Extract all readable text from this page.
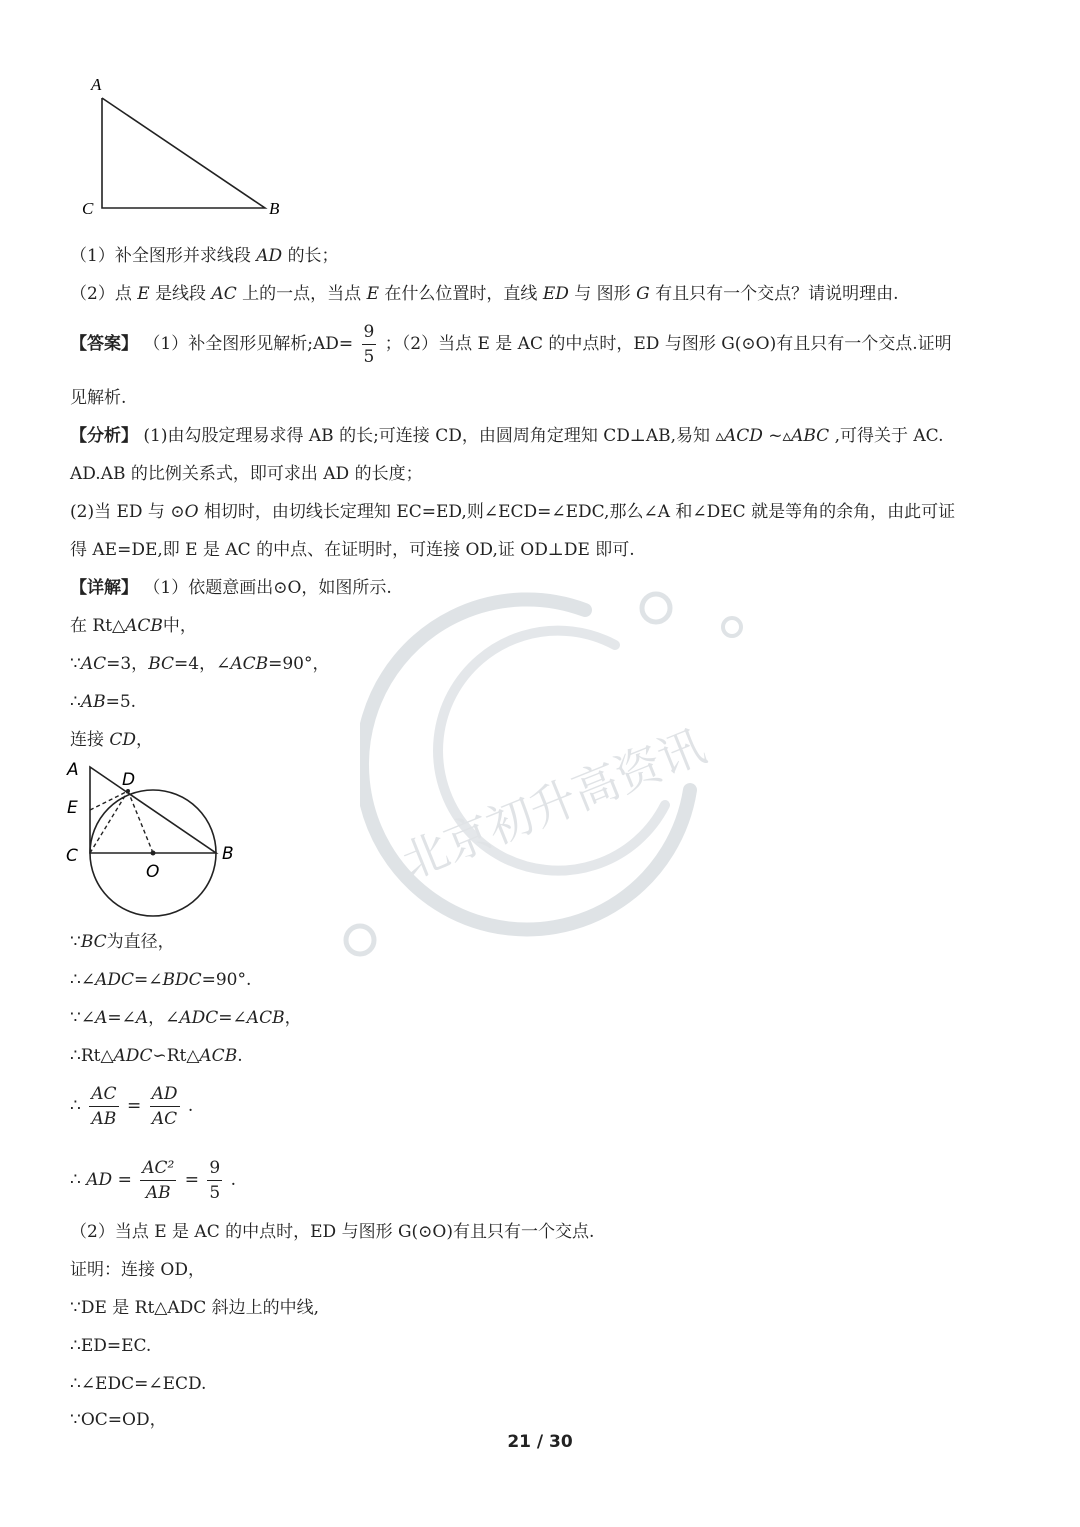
A
C	B
（1）补全图形并求线段 AD 的长；
（2）点 E 是线段 AC 上的一点，当点 E 在什么位置时，直线 ED 与 图形 G 有且只有一个交点？请说明理由.
【答案】 （1）补全图形见解析;AD= $\frac{9}{5}$ ；（2）当点 E 是 AC 的中点时，ED 与图形 G(⊙O)有且只有一个交点.证明
见解析.
【分析】 (1)由勾股定理易求得 AB 的长;可连接 CD，由圆周角定理知 CD⊥AB,易知 ▵ACD ~▵ABC ,可得关于 AC.
AD.AB 的比例关系式，即可求出 AD 的长度；
(2)当 ED 与 ⊙O 相切时，由切线长定理知 EC=ED,则∠ECD=∠EDC,那么∠A 和∠DEC 就是等角的余角，由此可证
得 AE=DE,即 E 是 AC 的中点、在证明时，可连接 OD,证 OD⊥DE 即可.
【详解】 （1）依题意画出⊙O，如图所示.
在 Rt△ACB中，
∵AC=3，BC=4，∠ACB=90°，
∴AB=5.
连接 CD，
A	D
E
C
O
B
∵BC为直径，
∴∠ADC=∠BDC=90°.
∵∠A=∠A，∠ADC=∠ACB，
∴Rt△ADC∽Rt△ACB.
∴ $\frac{AC}{AB} = \frac{AD}{AC}$ .
∴ AD = $\frac{\text{AC²}}{AB} = \frac{9}{5}$ .
（2）当点 E 是 AC 的中点时，ED 与图形 G(⊙O)有且只有一个交点.
证明：连接 OD，
∵DE 是 Rt△ADC 斜边上的中线,
∴ED=EC.
∴∠EDC=∠ECD.
∵OC=OD，
北京初升高资讯
21 / 30
